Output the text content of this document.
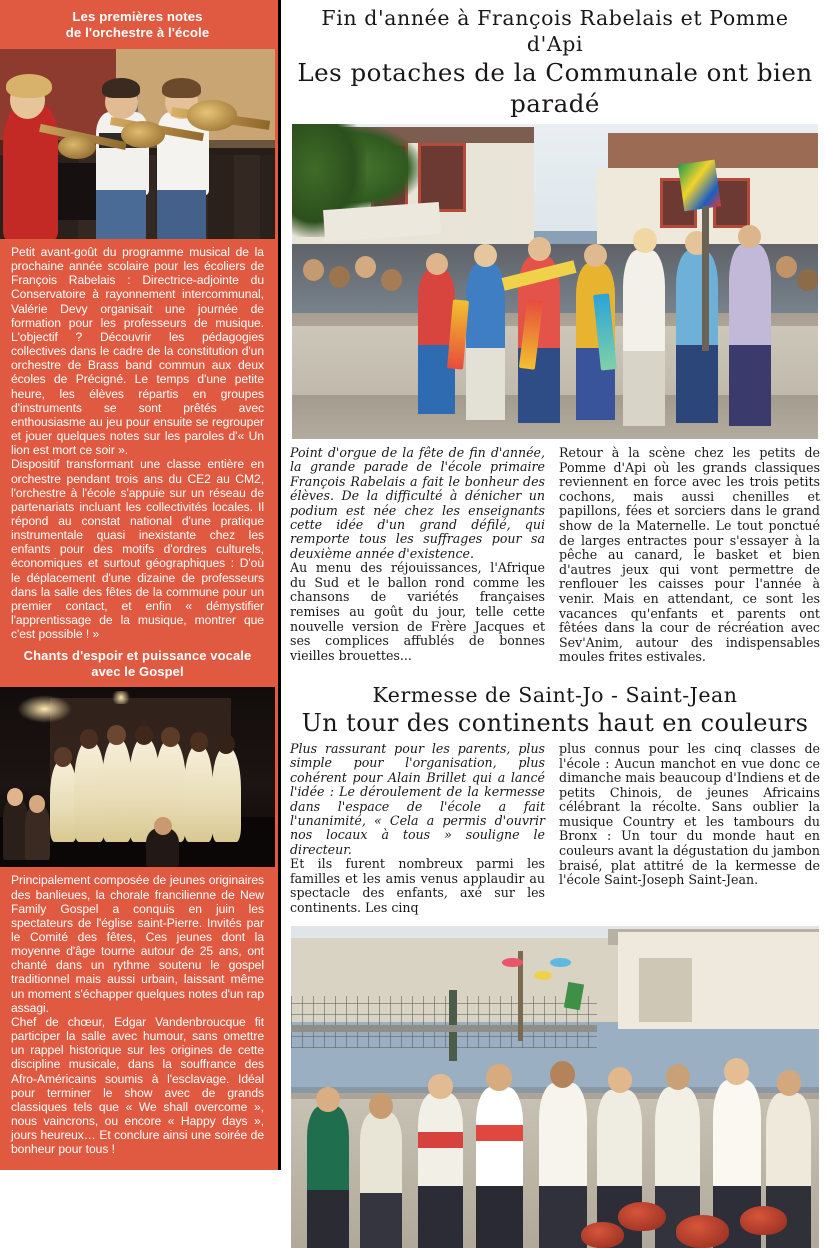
Les premières notes
de l'orchestre à l'école

Petit avant-goût du programme musical de la prochaine année scolaire pour les écoliers de François Rabelais : Directrice-adjointe du Conservatoire à rayonnement intercommunal, Valérie Devy organisait une journée de formation pour les professeurs de musique. L'objectif ? Découvrir les pédagogies collectives dans le cadre de la constitution d'un orchestre de Brass band commun aux deux écoles de Précigné. Le temps d'une petite heure, les élèves répartis en groupes d'instruments se sont prêtés avec enthousiasme au jeu pour ensuite se regrouper et jouer quelques notes sur les paroles d'« Un lion est mort ce soir ».

Dispositif transformant une classe entière en orchestre pendant trois ans du CE2 au CM2, l'orchestre à l'école s'appuie sur un réseau de partenariats incluant les collectivités locales. Il répond au constat national d'une pratique instrumentale quasi inexistante chez les enfants pour des motifs d'ordres culturels, économiques et surtout géographiques : D'où le déplacement d'une dizaine de professeurs dans la salle des fêtes de la commune pour un premier contact, et enfin « démystifier l'apprentissage de la musique, montrer que c'est possible ! »

Chants d'espoir et puissance vocale
avec le Gospel

Principalement composée de jeunes originaires des banlieues, la chorale francilienne de New Family Gospel a conquis en juin les spectateurs de l'église saint-Pierre. Invités par le Comité des fêtes, Ces jeunes dont la moyenne d'âge tourne autour de 25 ans, ont chanté dans un rythme soutenu le gospel traditionnel mais aussi urbain, laissant même un moment s'échapper quelques notes d'un rap assagi.

Chef de chœur, Edgar Vandenbroucque fit participer la salle avec humour, sans omettre un rappel historique sur les origines de cette discipline musicale, dans la souffrance des Afro-Américains soumis à l'esclavage. Idéal pour terminer le show avec de grands classiques tels que « We shall overcome », nous vaincrons, ou encore « Happy days », jours heureux… Et conclure ainsi une soirée de bonheur pour tous !

Fin d'année à François Rabelais et Pomme d'Api
Les potaches de la Communale ont bien paradé

Point d'orgue de la fête de fin d'année, la grande parade de l'école primaire François Rabelais a fait le bonheur des élèves. De la difficulté à dénicher un podium est née chez les enseignants cette idée d'un grand défilé, qui remporte tous les suffrages pour sa deuxième année d'existence.

Au menu des réjouissances, l'Afrique du Sud et le ballon rond comme les chansons de variétés françaises remises au goût du jour, telle cette nouvelle version de Frère Jacques et ses complices affublés de bonnes vieilles brouettes...

Retour à la scène chez les petits de Pomme d'Api où les grands classiques reviennent en force avec les trois petits cochons, mais aussi chenilles et papillons, fées et sorciers dans le grand show de la Maternelle. Le tout ponctué de larges entractes pour s'essayer à la pêche au canard, le basket et bien d'autres jeux qui vont permettre de renflouer les caisses pour l'année à venir. Mais en attendant, ce sont les vacances qu'enfants et parents ont fêtées dans la cour de récréation avec Sev'Anim, autour des indispensables moules frites estivales.

Kermesse de Saint-Jo - Saint-Jean
Un tour des continents haut en couleurs

Plus rassurant pour les parents, plus simple pour l'organisation, plus cohérent pour Alain Brillet qui a lancé l'idée : Le déroulement de la kermesse dans l'espace de l'école a fait l'unanimité, « Cela a permis d'ouvrir nos locaux à tous » souligne le directeur.

Et ils furent nombreux parmi les familles et les amis venus applaudir au spectacle des enfants, axé sur les continents. Les cinq

plus connus pour les cinq classes de l'école : Aucun manchot en vue donc ce dimanche mais beaucoup d'Indiens et de petits Chinois, de jeunes Africains célébrant la récolte. Sans oublier la musique Country et les tambours du Bronx : Un tour du monde haut en couleurs avant la dégustation du jambon braisé, plat attitré de la kermesse de l'école Saint-Joseph Saint-Jean.
